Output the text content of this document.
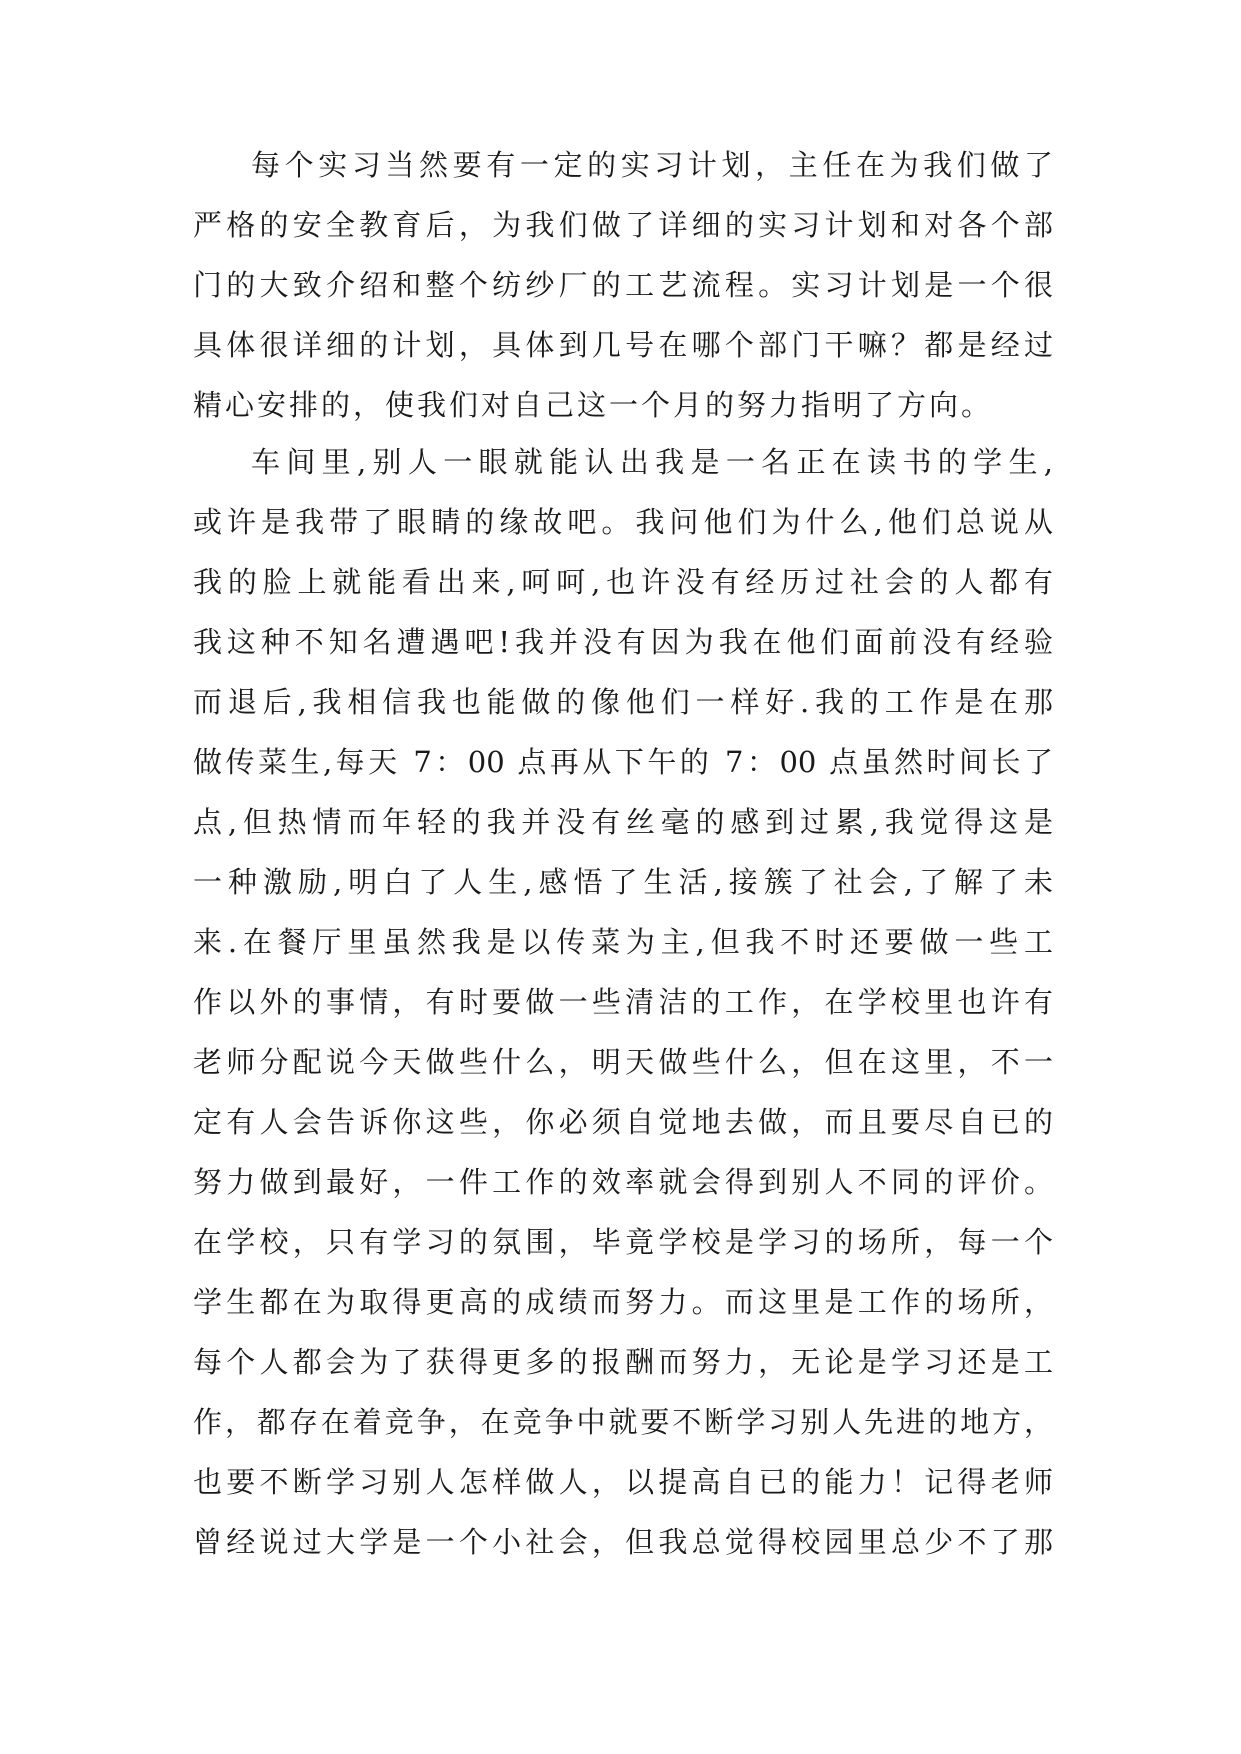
每个实习当然要有一定的实习计划，主任在为我们做了
严格的安全教育后，为我们做了详细的实习计划和对各个部
门的大致介绍和整个纺纱厂的工艺流程。实习计划是一个很
具体很详细的计划，具体到几号在哪个部门干嘛？都是经过
精心安排的，使我们对自己这一个月的努力指明了方向。
车间里,别人一眼就能认出我是一名正在读书的学生,
或许是我带了眼睛的缘故吧。我问他们为什么,他们总说从
我的脸上就能看出来,呵呵,也许没有经历过社会的人都有
我这种不知名遭遇吧!我并没有因为我在他们面前没有经验
而退后,我相信我也能做的像他们一样好.我的工作是在那
做传菜生,每天 7：00 点再从下午的 7：00 点虽然时间长了
点,但热情而年轻的我并没有丝毫的感到过累,我觉得这是
一种激励,明白了人生,感悟了生活,接簇了社会,了解了未
来.在餐厅里虽然我是以传菜为主,但我不时还要做一些工
作以外的事情，有时要做一些清洁的工作，在学校里也许有
老师分配说今天做些什么，明天做些什么，但在这里，不一
定有人会告诉你这些，你必须自觉地去做，而且要尽自已的
努力做到最好，一件工作的效率就会得到别人不同的评价。
在学校，只有学习的氛围，毕竟学校是学习的场所，每一个
学生都在为取得更高的成绩而努力。而这里是工作的场所，
每个人都会为了获得更多的报酬而努力，无论是学习还是工
作，都存在着竞争，在竞争中就要不断学习别人先进的地方，
也要不断学习别人怎样做人，以提高自已的能力！记得老师
曾经说过大学是一个小社会，但我总觉得校园里总少不了那
